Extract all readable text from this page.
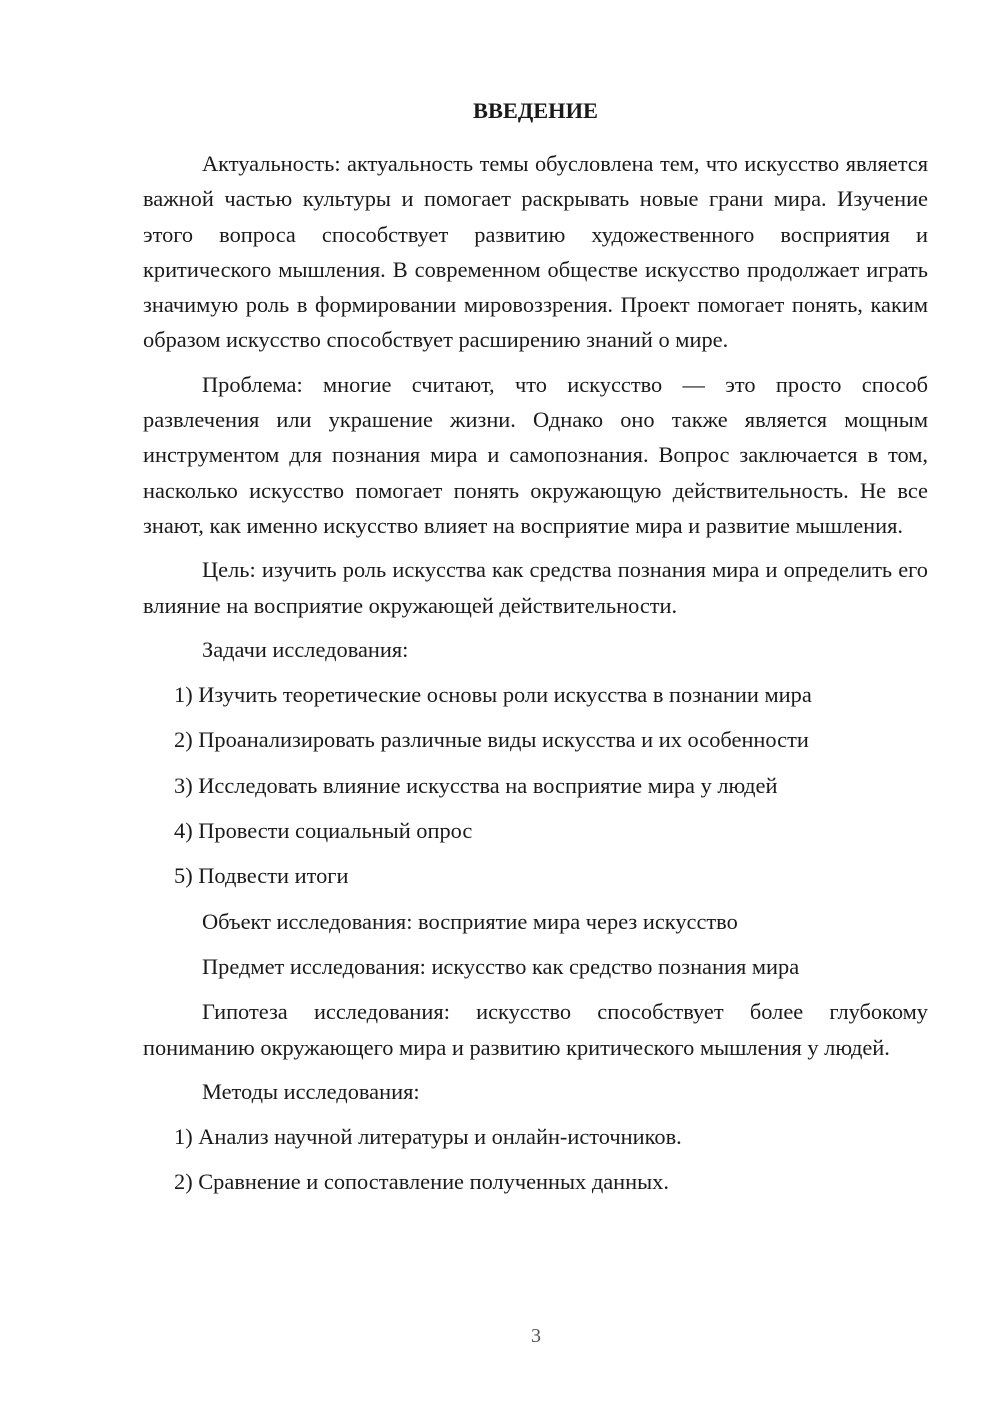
ВВЕДЕНИЕ

Актуальность: актуальность темы обусловлена тем, что искусство является важной частью культуры и помогает раскрывать новые грани мира. Изучение этого вопроса способствует развитию художественного восприятия и критического мышления. В современном обществе искусство продолжает играть значимую роль в формировании мировоззрения. Проект помогает понять, каким образом искусство способствует расширению знаний о мире.

Проблема: многие считают, что искусство — это просто способ развлечения или украшение жизни. Однако оно также является мощным инструментом для познания мира и самопознания. Вопрос заключается в том, насколько искусство помогает понять окружающую действительность. Не все знают, как именно искусство влияет на восприятие мира и развитие мышления.

Цель: изучить роль искусства как средства познания мира и определить его влияние на восприятие окружающей действительности.

Задачи исследования:

1) Изучить теоретические основы роли искусства в познании мира

2) Проанализировать различные виды искусства и их особенности

3) Исследовать влияние искусства на восприятие мира у людей

4) Провести социальный опрос

5) Подвести итоги

Объект исследования: восприятие мира через искусство

Предмет исследования: искусство как средство познания мира

Гипотеза исследования: искусство способствует более глубокому пониманию окружающего мира и развитию критического мышления у людей.

Методы исследования:

1) Анализ научной литературы и онлайн-источников.

2) Сравнение и сопоставление полученных данных.

3
